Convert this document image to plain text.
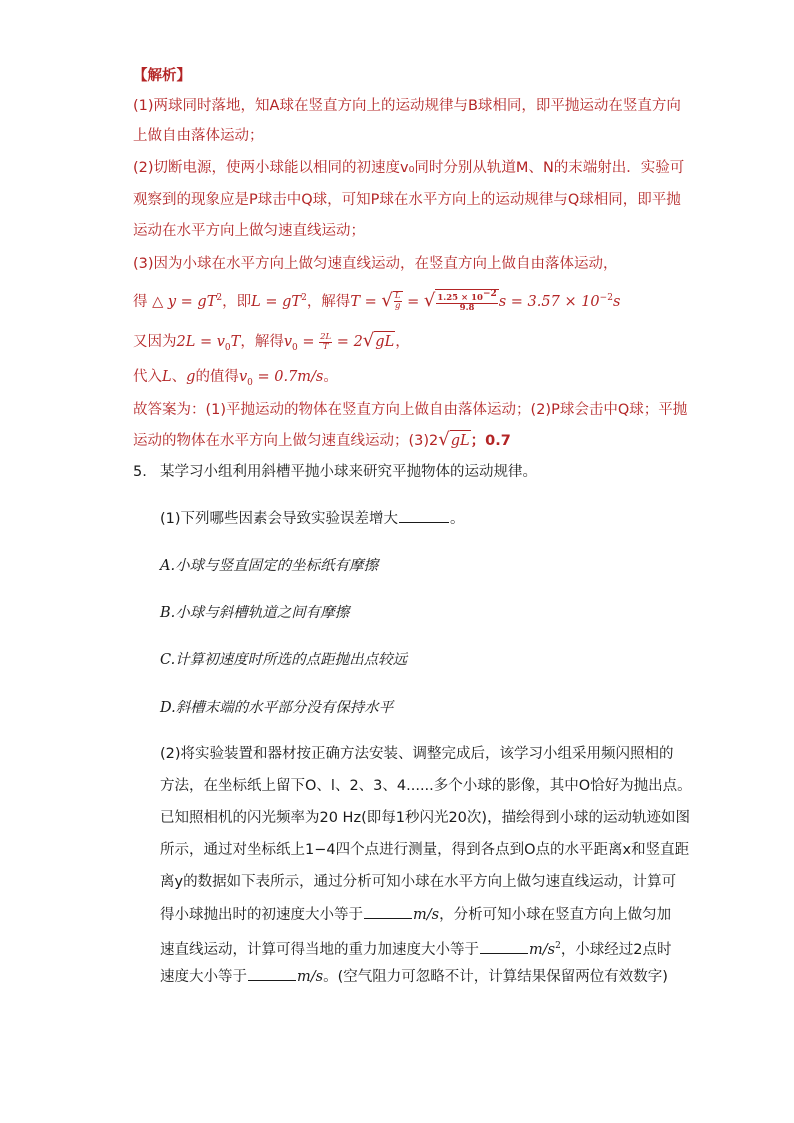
【解析】
(1)两球同时落地，知A球在竖直方向上的运动规律与B球相同，即平抛运动在竖直方向
上做自由落体运动；
(2)切断电源，使两小球能以相同的初速度v₀同时分别从轨道M、N的末端射出．实验可
观察到的现象应是P球击中Q球，可知P球在水平方向上的运动规律与Q球相同，即平抛
运动在水平方向上做匀速直线运动；
(3)因为小球在水平方向上做匀速直线运动，在竖直方向上做自由落体运动，
得 △ $y = gT^2$，即$L = gT^2$，解得T = √ $\frac{L}{g}$ = √ $\frac{1.25 \times 10-2}{9.8}$ $s = 3.57 \times 10^{-2}s$
又因为$2L = v_0T$，解得$v_0 = \frac{2L}{T} = 2√gL$，
代入L、g的值得$v_0 = 0.7m/s$。
故答案为：(1)平抛运动的物体在竖直方向上做自由落体运动；(2)P球会击中Q球；平抛
运动的物体在水平方向上做匀速直线运动；(3)2√gL；0.7
5. 某学习小组利用斜槽平抛小球来研究平抛物体的运动规律。
(1)下列哪些因素会导致实验误差增大	。
A.小球与竖直固定的坐标纸有摩擦
B.小球与斜槽轨道之间有摩擦
C.计算初速度时所选的点距抛出点较远
D.斜槽末端的水平部分没有保持水平
(2)将实验装置和器材按正确方法安装、调整完成后，该学习小组采用频闪照相的
方法，在坐标纸上留下O、l、2、3、4......多个小球的影像，其中O恰好为抛出点。
已知照相机的闪光频率为20 Hz(即每1秒闪光20次)，描绘得到小球的运动轨迹如图
所示，通过对坐标纸上1−4四个点进行测量，得到各点到O点的水平距离x和竖直距
离y的数据如下表所示，通过分析可知小球在水平方向上做匀速直线运动，计算可
得小球抛出时的初速度大小等于	m/s，分析可知小球在竖直方向上做匀加
速直线运动，计算可得当地的重力加速度大小等于	$m/s^2$，小球经过2点时
速度大小等于	m/s。(空气阻力可忽略不计，计算结果保留两位有效数字)
